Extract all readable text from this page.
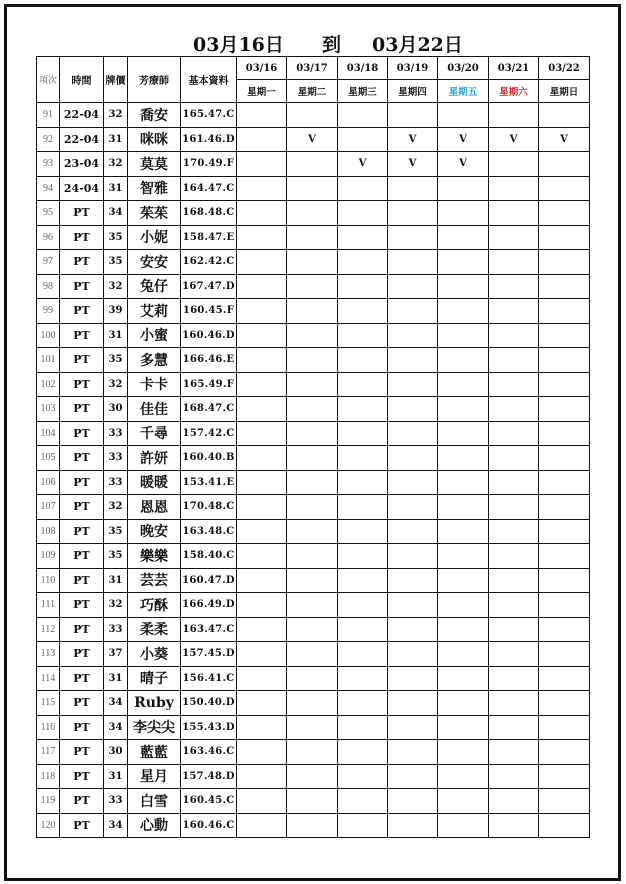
03月16日 到 03月22日
項次	時間	牌價	芳療師	基本資料	03/16	03/17	03/18	03/19	03/20	03/21	03/22
					星期一	星期二	星期三	星期四	星期五	星期六	星期日
91	22-04	32	喬安	165.47.C							
92	22-04	31	咪咪	161.46.D		V		V	V	V	V
93	23-04	32	莫莫	170.49.F			V	V	V		
94	24-04	31	智雅	164.47.C							
95	PT	34	茱茱	168.48.C							
96	PT	35	小妮	158.47.E							
97	PT	35	安安	162.42.C							
98	PT	32	兔仔	167.47.D							
99	PT	39	艾莉	160.45.F							
100	PT	31	小蜜	160.46.D							
101	PT	35	多慧	166.46.E							
102	PT	32	卡卡	165.49.F							
103	PT	30	佳佳	168.47.C							
104	PT	33	千尋	157.42.C							
105	PT	33	許妍	160.40.B							
106	PT	33	暖暖	153.41.E							
107	PT	32	恩恩	170.48.C							
108	PT	35	晚安	163.48.C							
109	PT	35	樂樂	158.40.C							
110	PT	31	芸芸	160.47.D							
111	PT	32	巧酥	166.49.D							
112	PT	33	柔柔	163.47.C							
113	PT	37	小葵	157.45.D							
114	PT	31	晴子	156.41.C							
115	PT	34	Ruby	150.40.D							
116	PT	34	李尖尖	155.43.D							
117	PT	30	藍藍	163.46.C							
118	PT	31	星月	157.48.D							
119	PT	33	白雪	160.45.C							
120	PT	34	心動	160.46.C							
